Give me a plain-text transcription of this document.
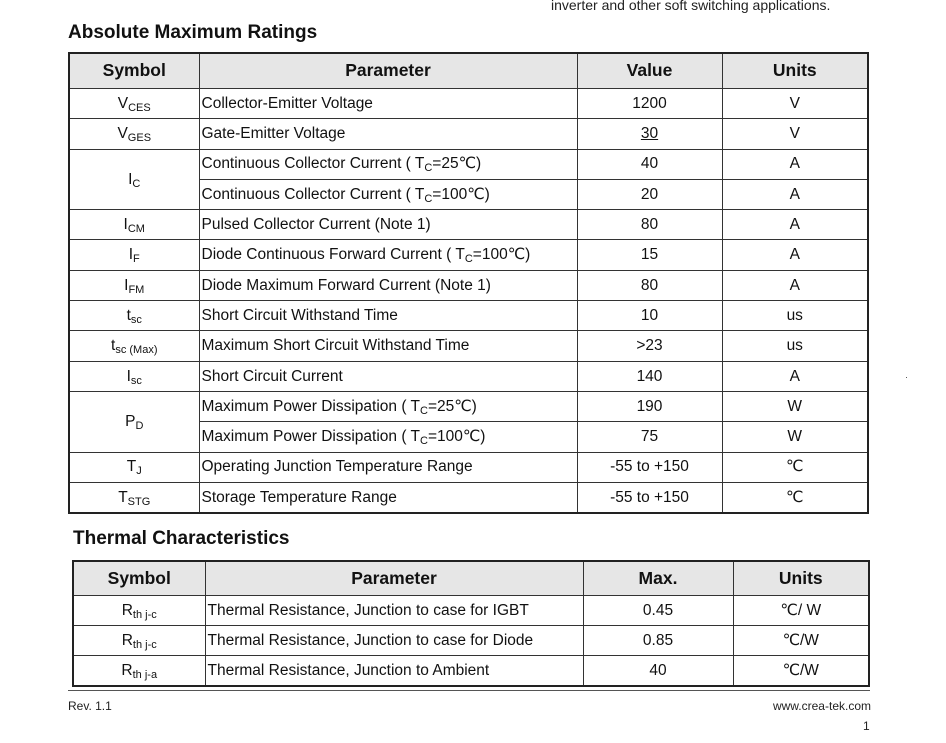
inverter and other soft switching applications.
Absolute Maximum Ratings
Symbol	Parameter	Value	Units
VCES	Collector-Emitter Voltage	1200	V
VGES	Gate-Emitter Voltage	30	V
IC	Continuous Collector Current ( TC=25℃)	40	A
	Continuous Collector Current ( TC=100℃)	20	A
ICM	Pulsed Collector Current (Note 1)	80	A
IF	Diode Continuous Forward Current ( TC=100℃)	15	A
IFM	Diode Maximum Forward Current (Note 1)	80	A
tsc	Short Circuit Withstand Time	10	us
tsc (Max)	Maximum Short Circuit Withstand Time	>23	us
Isc	Short Circuit Current	140	A
PD	Maximum Power Dissipation ( TC=25℃)	190	W
	Maximum Power Dissipation ( TC=100℃)	75	W
TJ	Operating Junction Temperature Range	-55 to +150	℃
TSTG	Storage Temperature Range	-55 to +150	℃
Thermal Characteristics
Symbol	Parameter	Max.	Units
Rth j-c	Thermal Resistance, Junction to case for IGBT	0.45	℃/ W
Rth j-c	Thermal Resistance, Junction to case for Diode	0.85	℃/W
Rth j-a	Thermal Resistance, Junction to Ambient	40	℃/W
Rev. 1.1	www.crea-tek.com
1
